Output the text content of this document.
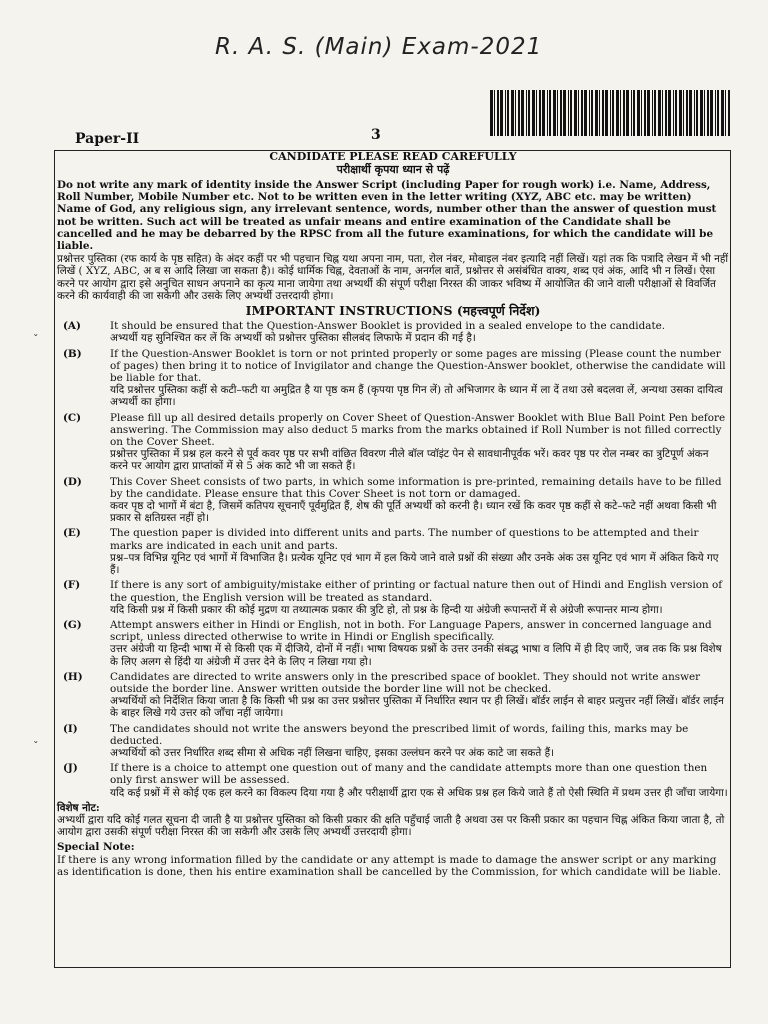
R. A. S. (Main) Exam-2021
Paper-II	3
ˇ
ˇ
CANDIDATE PLEASE READ CAREFULLY
परीक्षार्थी कृपया ध्यान से पढ़ें
Do not write any mark of identity inside the Answer Script (including Paper for rough work) i.e. Name, Address, Roll Number, Mobile Number etc. Not to be written even in the letter writing (XYZ, ABC etc. may be written) Name of God, any religious sign, any irrelevant sentence, words, number other than the answer of question must not be written. Such act will be treated as unfair means and entire examination of the Candidate shall be cancelled and he may be debarred by the RPSC from all the future examinations, for which the candidate will be liable.
प्रश्नोत्तर पुस्तिका (रफ कार्य के पृष्ठ सहित) के अंदर कहीं पर भी पहचान चिह्न यथा अपना नाम, पता, रोल नंबर, मोबाइल नंबर इत्यादि नहीं लिखें। यहां तक कि पत्रादि लेखन में भी नहीं लिखें ( XYZ, ABC, अ ब स आदि लिखा जा सकता है)। कोई धार्मिक चिह्न, देवताओं के नाम, अनर्गल बातें, प्रश्नोत्तर से असंबंधित वाक्य, शब्द एवं अंक, आदि भी न लिखें। ऐसा करने पर आयोग द्वारा इसे अनुचित साधन अपनाने का कृत्य माना जायेगा तथा अभ्यर्थी की संपूर्ण परीक्षा निरस्त की जाकर भविष्य में आयोजित की जाने वाली परीक्षाओं से विवर्जित करने की कार्यवाही की जा सकेगी और उसके लिए अभ्यर्थी उत्तरदायी होगा।
IMPORTANT INSTRUCTIONS (महत्त्वपूर्ण निर्देश)
(A)	It should be ensured that the Question-Answer Booklet is provided in a sealed envelope to the candidate.
अभ्यर्थी यह सुनिश्चित कर लें कि अभ्यर्थी को प्रश्नोत्तर पुस्तिका सीलबंद लिफाफे में प्रदान की गई है।
(B)	If the Question-Answer Booklet is torn or not printed properly or some pages are missing (Please count the number of pages) then bring it to notice of Invigilator and change the Question-Answer booklet, otherwise the candidate will be liable for that.
यदि प्रश्नोत्तर पुस्तिका कहीं से कटी–फटी या अमुद्रित है या पृष्ठ कम हैं (कृपया पृष्ठ गिन लें) तो अभिजागर के ध्यान में ला दें तथा उसे बदलवा लें, अन्यथा उसका दायित्व अभ्यर्थी का होगा।
(C)	Please fill up all desired details properly on Cover Sheet of Question-Answer Booklet with Blue Ball Point Pen before answering. The Commission may also deduct 5 marks from the marks obtained if Roll Number is not filled correctly on the Cover Sheet.
प्रश्नोत्तर पुस्तिका में प्रश्न हल करने से पूर्व कवर पृष्ठ पर सभी वांछित विवरण नीले बॉल प्वॉइंट पेन से सावधानीपूर्वक भरें। कवर पृष्ठ पर रोल नम्बर का त्रुटिपूर्ण अंकन करने पर आयोग द्वारा प्राप्तांकों में से 5 अंक काटे भी जा सकते हैं।
(D)	This Cover Sheet consists of two parts, in which some information is pre-printed, remaining details have to be filled by the candidate. Please ensure that this Cover Sheet is not torn or damaged.
कवर पृष्ठ दो भागों में बंटा है, जिसमें कतिपय सूचनाएँ पूर्वमुद्रित हैं, शेष की पूर्ति अभ्यर्थी को करनी है। ध्यान रखें कि कवर पृष्ठ कहीं से कटे–फटे नहीं अथवा किसी भी प्रकार से क्षतिग्रस्त नहीं हो।
(E)	The question paper is divided into different units and parts. The number of questions to be attempted and their marks are indicated in each unit and parts.
प्रश्न–पत्र विभिन्न यूनिट एवं भागों में विभाजित है। प्रत्येक यूनिट एवं भाग में हल किये जाने वाले प्रश्नों की संख्या और उनके अंक उस यूनिट एवं भाग में अंकित किये गए हैं।
(F)	If there is any sort of ambiguity/mistake either of printing or factual nature then out of Hindi and English version of the question, the English version will be treated as standard.
यदि किसी प्रश्न में किसी प्रकार की कोई मुद्रण या तथ्यात्मक प्रकार की त्रुटि हो, तो प्रश्न के हिन्दी या अंग्रेजी रूपान्तरों में से अंग्रेजी रूपान्तर मान्य होगा।
(G)	Attempt answers either in Hindi or English, not in both. For Language Papers, answer in concerned language and script, unless directed otherwise to write in Hindi or English specifically.
उत्तर अंग्रेजी या हिन्दी भाषा में से किसी एक में दीजिये, दोनों में नहीं। भाषा विषयक प्रश्नों के उत्तर उनकी संबद्ध भाषा व लिपि में ही दिए जाएँ, जब तक कि प्रश्न विशेष के लिए अलग से हिंदी या अंग्रेजी में उत्तर देने के लिए न लिखा गया हो।
(H)	Candidates are directed to write answers only in the prescribed space of booklet. They should not write answer outside the border line. Answer written outside the border line will not be checked.
अभ्यर्थियों को निर्देशित किया जाता है कि किसी भी प्रश्न का उत्तर प्रश्नोत्तर पुस्तिका में निर्धारित स्थान पर ही लिखें। बॉर्डर लाईन से बाहर प्रत्युत्तर नहीं लिखें। बॉर्डर लाईन के बाहर लिखे गये उत्तर को जाँचा नहीं जायेगा।
(I)	The candidates should not write the answers beyond the prescribed limit of words, failing this, marks may be deducted.
अभ्यर्थियों को उत्तर निर्धारित शब्द सीमा से अधिक नहीं लिखना चाहिए, इसका उल्लंघन करने पर अंक काटे जा सकते हैं।
(J)	If there is a choice to attempt one question out of many and the candidate attempts more than one question then only first answer will be assessed.
यदि कई प्रश्नों में से कोई एक हल करने का विकल्प दिया गया है और परीक्षार्थी द्वारा एक से अधिक प्रश्न हल किये जाते हैं तो ऐसी स्थिति में प्रथम उत्तर ही जाँचा जायेगा।
विशेष नोट:
अभ्यर्थी द्वारा यदि कोई गलत सूचना दी जाती है या प्रश्नोत्तर पुस्तिका को किसी प्रकार की क्षति पहुँचाई जाती है अथवा उस पर किसी प्रकार का पहचान चिह्न अंकित किया जाता है, तो आयोग द्वारा उसकी संपूर्ण परीक्षा निरस्त की जा सकेगी और उसके लिए अभ्यर्थी उत्तरदायी होगा।
Special Note:
If there is any wrong information filled by the candidate or any attempt is made to damage the answer script or any marking as identification is done, then his entire examination shall be cancelled by the Commission, for which candidate will be liable.
